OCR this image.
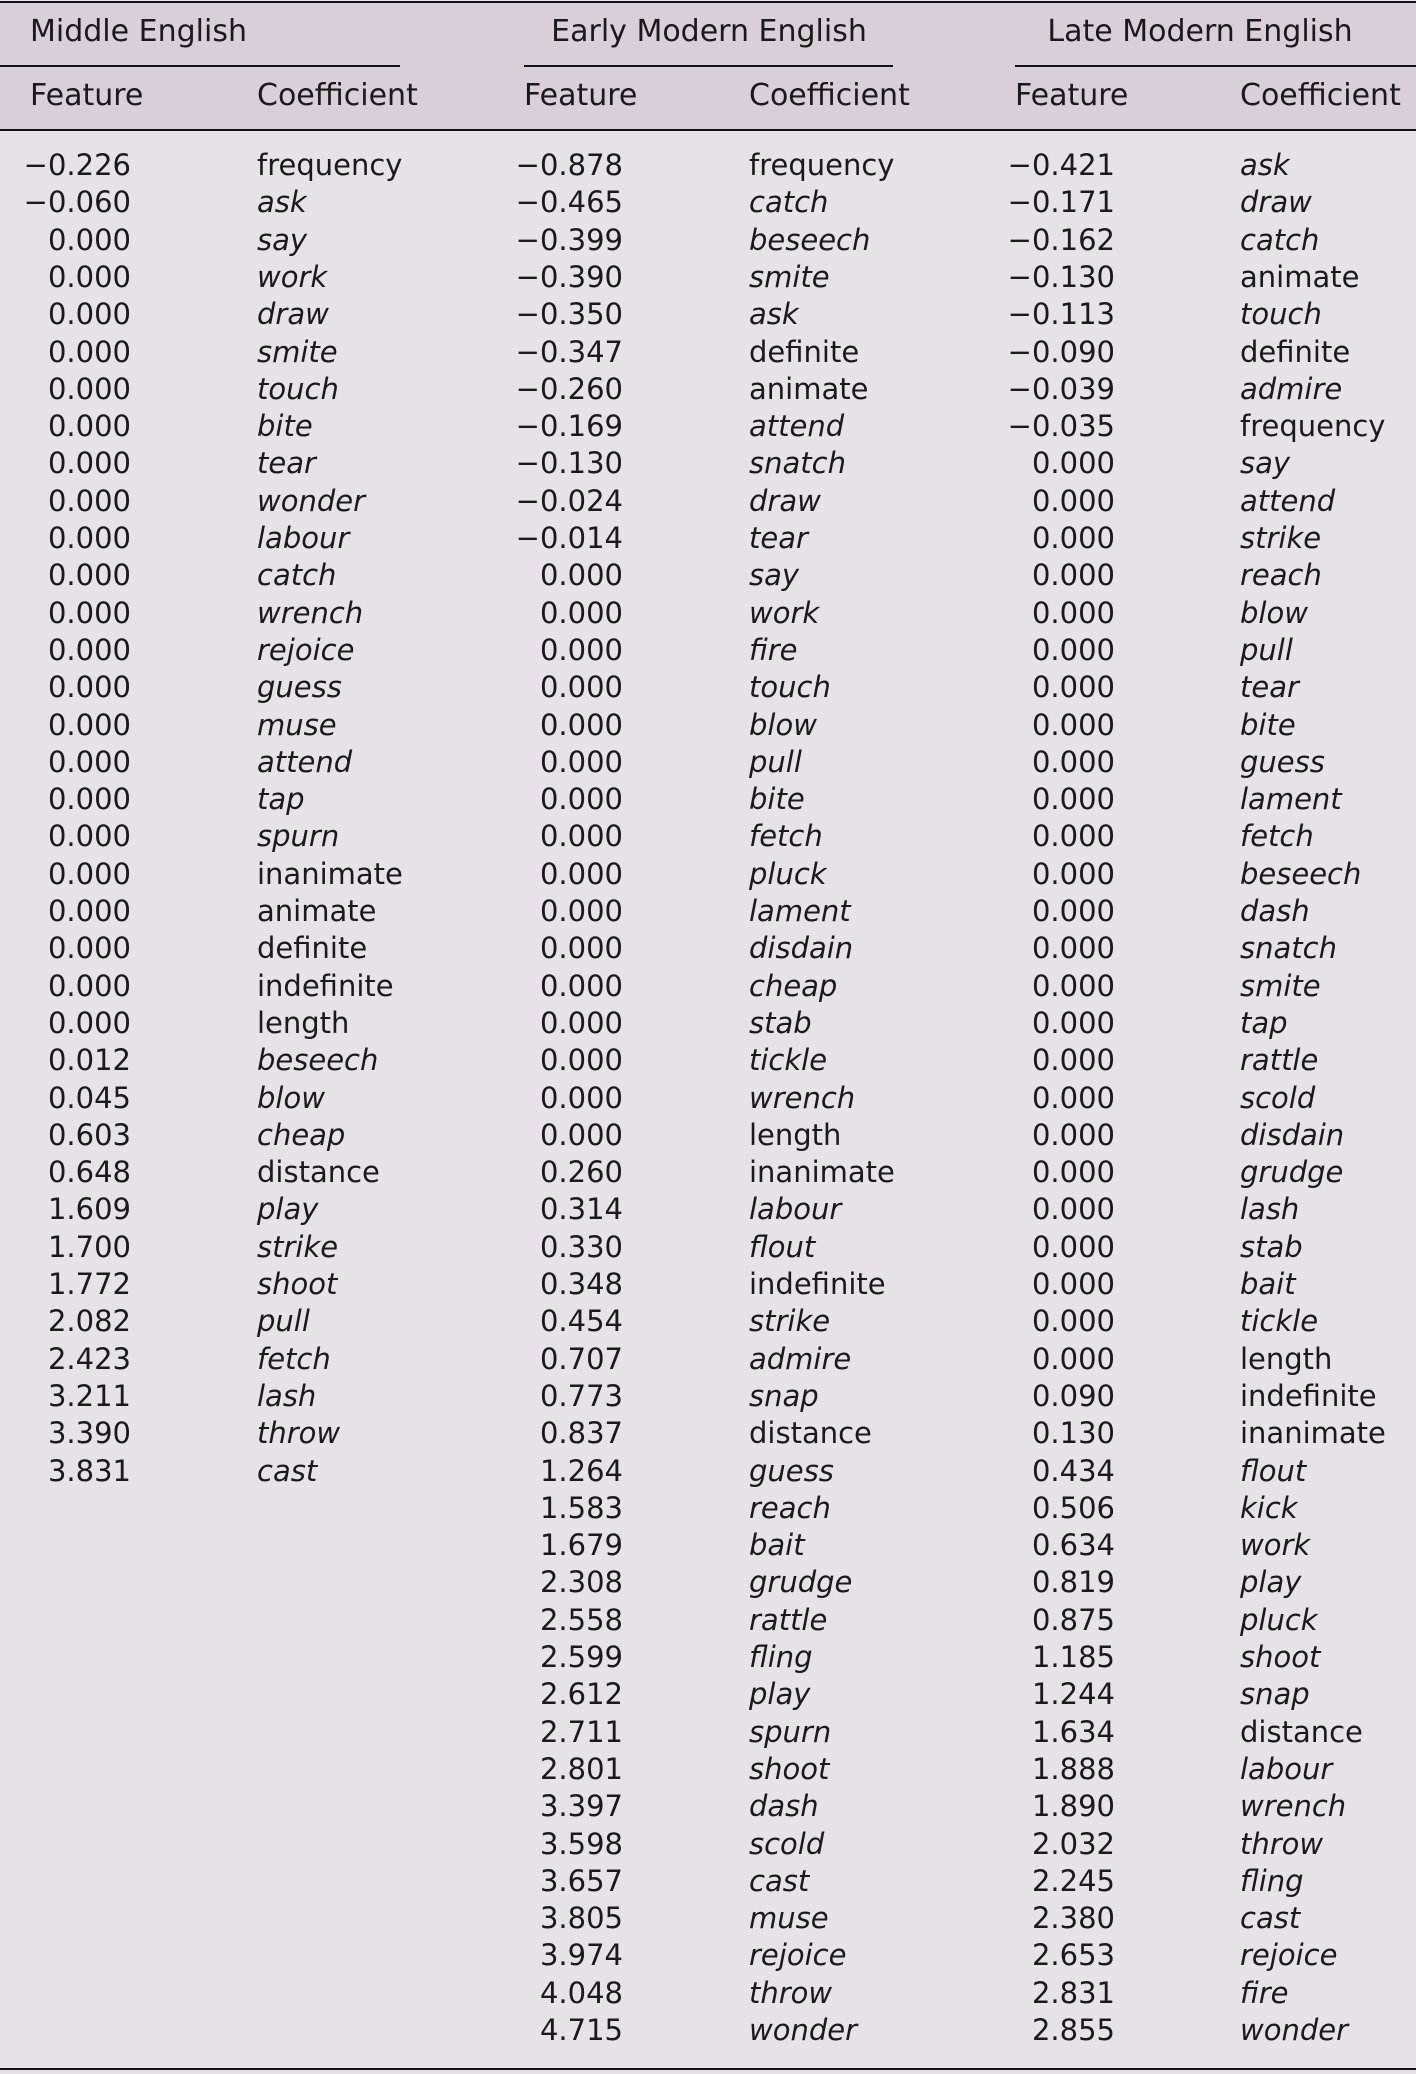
Middle English
Feature	Coefficient
−0.226	frequency
−0.060	ask
0.000	say
0.000	work
0.000	draw
0.000	smite
0.000	touch
0.000	bite
0.000	tear
0.000	wonder
0.000	labour
0.000	catch
0.000	wrench
0.000	rejoice
0.000	guess
0.000	muse
0.000	attend
0.000	tap
0.000	spurn
0.000	inanimate
0.000	animate
0.000	definite
0.000	indefinite
0.000	length
0.012	beseech
0.045	blow
0.603	cheap
0.648	distance
1.609	play
1.700	strike
1.772	shoot
2.082	pull
2.423	fetch
3.211	lash
3.390	throw
3.831	cast
Early Modern English
Feature	Coefficient
−0.878	frequency
−0.465	catch
−0.399	beseech
−0.390	smite
−0.350	ask
−0.347	definite
−0.260	animate
−0.169	attend
−0.130	snatch
−0.024	draw
−0.014	tear
0.000	say
0.000	work
0.000	fire
0.000	touch
0.000	blow
0.000	pull
0.000	bite
0.000	fetch
0.000	pluck
0.000	lament
0.000	disdain
0.000	cheap
0.000	stab
0.000	tickle
0.000	wrench
0.000	length
0.260	inanimate
0.314	labour
0.330	flout
0.348	indefinite
0.454	strike
0.707	admire
0.773	snap
0.837	distance
1.264	guess
1.583	reach
1.679	bait
2.308	grudge
2.558	rattle
2.599	fling
2.612	play
2.711	spurn
2.801	shoot
3.397	dash
3.598	scold
3.657	cast
3.805	muse
3.974	rejoice
4.048	throw
4.715	wonder
Late Modern English
Feature	Coefficient
−0.421	ask
−0.171	draw
−0.162	catch
−0.130	animate
−0.113	touch
−0.090	definite
−0.039	admire
−0.035	frequency
0.000	say
0.000	attend
0.000	strike
0.000	reach
0.000	blow
0.000	pull
0.000	tear
0.000	bite
0.000	guess
0.000	lament
0.000	fetch
0.000	beseech
0.000	dash
0.000	snatch
0.000	smite
0.000	tap
0.000	rattle
0.000	scold
0.000	disdain
0.000	grudge
0.000	lash
0.000	stab
0.000	bait
0.000	tickle
0.000	length
0.090	indefinite
0.130	inanimate
0.434	flout
0.506	kick
0.634	work
0.819	play
0.875	pluck
1.185	shoot
1.244	snap
1.634	distance
1.888	labour
1.890	wrench
2.032	throw
2.245	fling
2.380	cast
2.653	rejoice
2.831	fire
2.855	wonder
